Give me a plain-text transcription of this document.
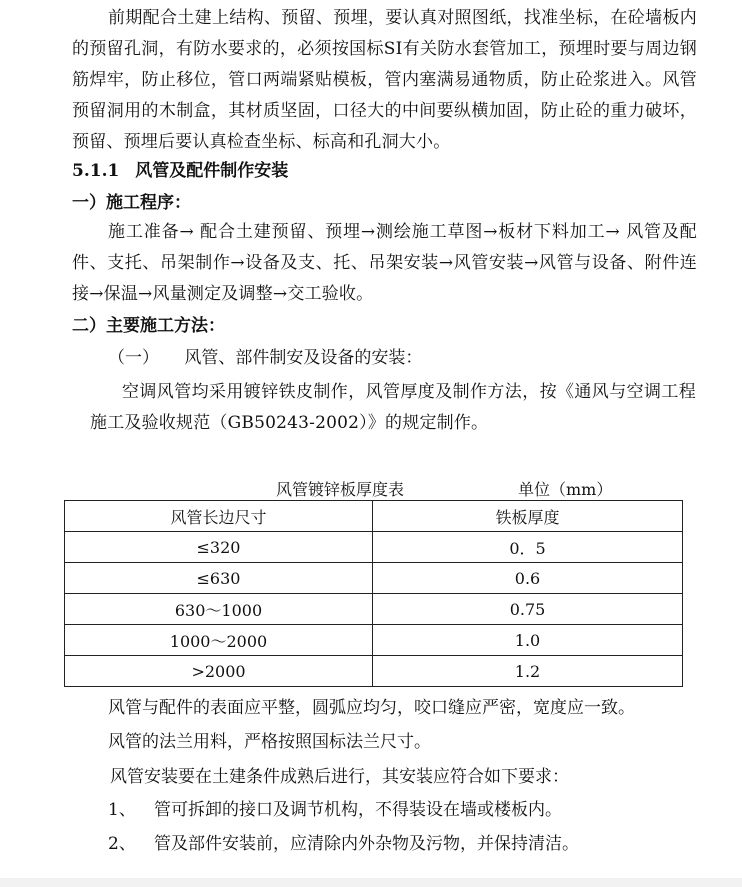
前期配合土建上结构、预留、预埋，要认真对照图纸，找准坐标，在砼墙板内的预留孔洞，有防水要求的，必须按国标SI有关防水套管加工，预埋时要与周边钢筋焊牢，防止移位，管口两端紧贴模板，管内塞满易通物质，防止砼浆进入。风管预留洞用的木制盒，其材质坚固，口径大的中间要纵横加固，防止砼的重力破坏，预留、预埋后要认真检查坐标、标高和孔洞大小。
5.1.1 风管及配件制作安装
一）施工程序：
施工准备→ 配合土建预留、预埋→测绘施工草图→板材下料加工→ 风管及配件、支托、吊架制作→设备及支、托、吊架安装→风管安装→风管与设备、附件连接→保温→风量测定及调整→交工验收。
二）主要施工方法：
（一） 风管、部件制安及设备的安装：
空调风管均采用镀锌铁皮制作，风管厚度及制作方法，按《通风与空调工程施工及验收规范（GB50243-2002）》的规定制作。
风管镀锌板厚度表	单位（mm）
风管长边尺寸	铁板厚度
≤320	0．5
≤630	0.6
630～1000	0.75
1000～2000	1.0
>2000	1.2
风管与配件的表面应平整，圆弧应均匀，咬口缝应严密，宽度应一致。
风管的法兰用料，严格按照国标法兰尺寸。
风管安装要在土建条件成熟后进行，其安装应符合如下要求：
1、 管可拆卸的接口及调节机构，不得装设在墙或楼板内。
2、 管及部件安装前，应清除内外杂物及污物，并保持清洁。
